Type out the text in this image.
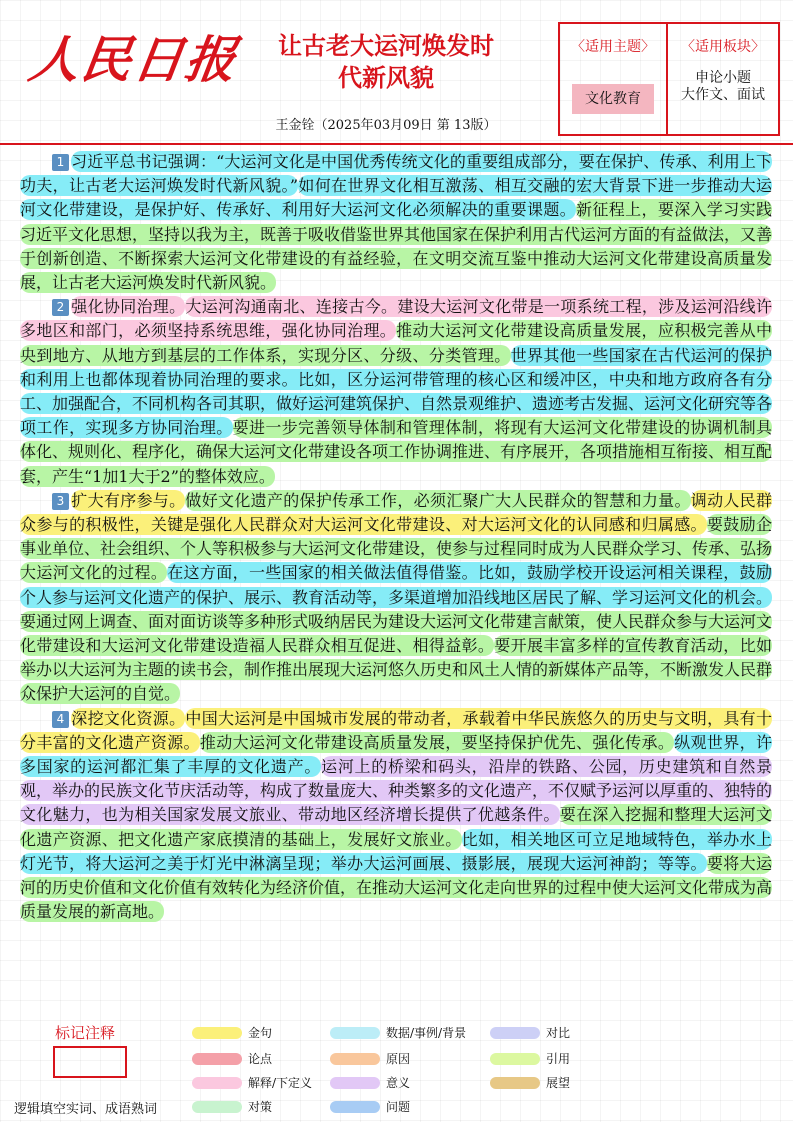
人民日报	让古老大运河焕发时
代新风貌
王金铨（2025年03月09日 第 13版）
〈适用主题〉
文化教育
〈适用板块〉
申论小题
大作文、面试

1 习近平总书记强调：“大运河文化是中国优秀传统文化的重要组成部分，要在保护、传承、利用上下功夫，让古老大运河焕发时代新风貌。”如何在世界文化相互激荡、相互交融的宏大背景下进一步推动大运河文化带建设，是保护好、传承好、利用好大运河文化必须解决的重要课题。新征程上，要深入学习实践习近平文化思想，坚持以我为主，既善于吸收借鉴世界其他国家在保护利用古代运河方面的有益做法，又善于创新创造、不断探索大运河文化带建设的有益经验，在文明交流互鉴中推动大运河文化带建设高质量发展，让古老大运河焕发时代新风貌。

2 强化协同治理。大运河沟通南北、连接古今。建设大运河文化带是一项系统工程，涉及运河沿线许多地区和部门，必须坚持系统思维，强化协同治理。推动大运河文化带建设高质量发展，应积极完善从中央到地方、从地方到基层的工作体系，实现分区、分级、分类管理。世界其他一些国家在古代运河的保护和利用上也都体现着协同治理的要求。比如，区分运河带管理的核心区和缓冲区，中央和地方政府各有分工、加强配合，不同机构各司其职，做好运河建筑保护、自然景观维护、遗迹考古发掘、运河文化研究等各项工作，实现多方协同治理。要进一步完善领导体制和管理体制，将现有大运河文化带建设的协调机制具体化、规则化、程序化，确保大运河文化带建设各项工作协调推进、有序展开，各项措施相互衔接、相互配套，产生“1加1大于2”的整体效应。

3 扩大有序参与。做好文化遗产的保护传承工作，必须汇聚广大人民群众的智慧和力量。调动人民群众参与的积极性，关键是强化人民群众对大运河文化带建设、对大运河文化的认同感和归属感。要鼓励企事业单位、社会组织、个人等积极参与大运河文化带建设，使参与过程同时成为人民群众学习、传承、弘扬大运河文化的过程。在这方面，一些国家的相关做法值得借鉴。比如，鼓励学校开设运河相关课程，鼓励个人参与运河文化遗产的保护、展示、教育活动等，多渠道增加沿线地区居民了解、学习运河文化的机会。要通过网上调查、面对面访谈等多种形式吸纳居民为建设大运河文化带建言献策，使人民群众参与大运河文化带建设和大运河文化带建设造福人民群众相互促进、相得益彰。要开展丰富多样的宣传教育活动，比如举办以大运河为主题的读书会，制作推出展现大运河悠久历史和风土人情的新媒体产品等，不断激发人民群众保护大运河的自觉。

4 深挖文化资源。中国大运河是中国城市发展的带动者，承载着中华民族悠久的历史与文明，具有十分丰富的文化遗产资源。推动大运河文化带建设高质量发展，要坚持保护优先、强化传承。纵观世界，许多国家的运河都汇集了丰厚的文化遗产。运河上的桥梁和码头，沿岸的铁路、公园，历史建筑和自然景观，举办的民族文化节庆活动等，构成了数量庞大、种类繁多的文化遗产，不仅赋予运河以厚重的、独特的文化魅力，也为相关国家发展文旅业、带动地区经济增长提供了优越条件。要在深入挖掘和整理大运河文化遗产资源、把文化遗产家底摸清的基础上，发展好文旅业。比如，相关地区可立足地域特色，举办水上灯光节，将大运河之美于灯光中淋漓呈现；举办大运河画展、摄影展，展现大运河神韵；等等。要将大运河的历史价值和文化价值有效转化为经济价值，在推动大运河文化走向世界的过程中使大运河文化带成为高质量发展的新高地。

标记注释
逻辑填空实词、成语熟词
金句	数据/事例/背景	对比
论点	原因	引用
解释/下定义	意义	展望
对策	问题
